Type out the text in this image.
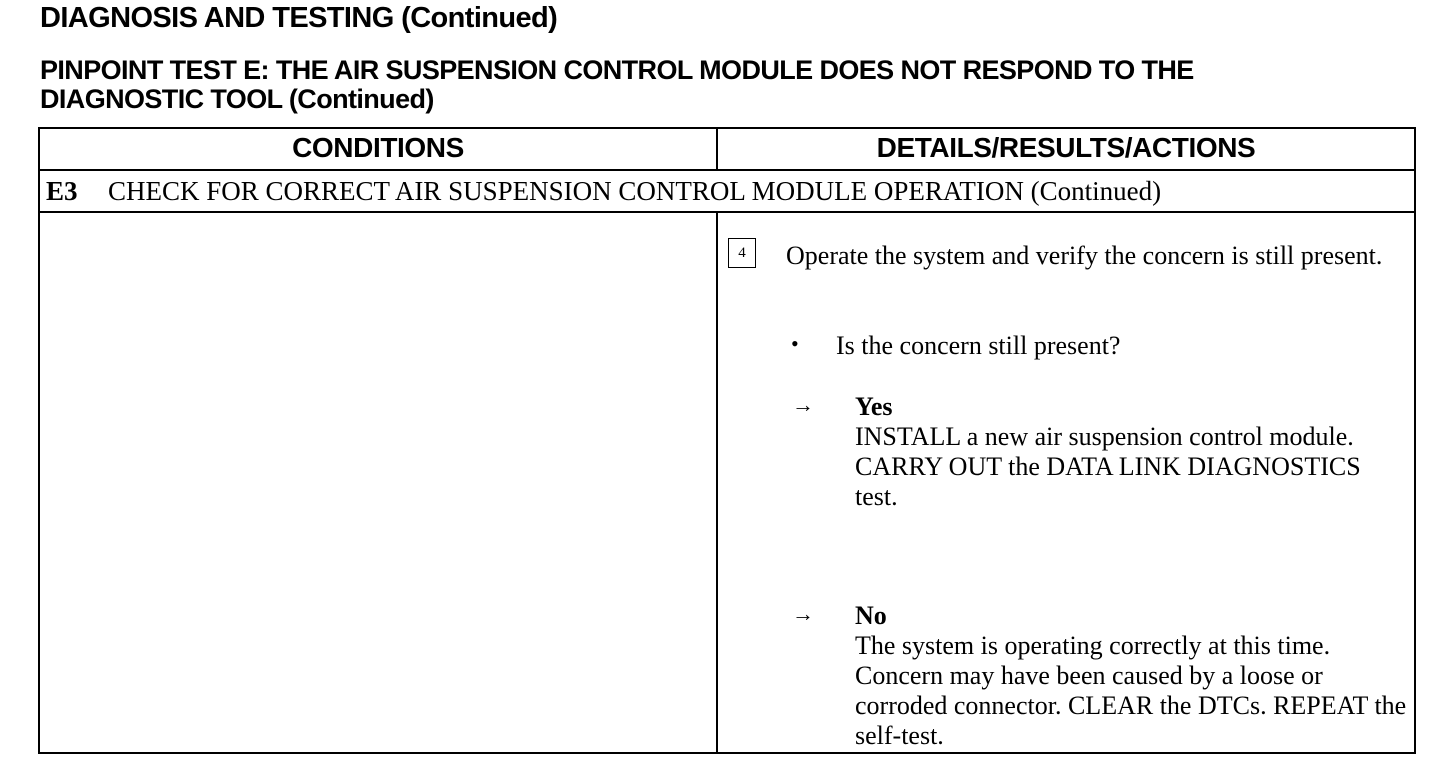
DIAGNOSIS AND TESTING (Continued)
PINPOINT TEST E: THE AIR SUSPENSION CONTROL MODULE DOES NOT RESPOND TO THE
DIAGNOSTIC TOOL (Continued)
CONDITIONS	DETAILS/RESULTS/ACTIONS
E3 CHECK FOR CORRECT AIR SUSPENSION CONTROL MODULE OPERATION (Continued)
4	Operate the system and verify the concern is still present.
• Is the concern still present?
→ Yes
INSTALL a new air suspension control module. CARRY OUT the DATA LINK DIAGNOSTICS test.
→ No
The system is operating correctly at this time. Concern may have been caused by a loose or corroded connector. CLEAR the DTCs. REPEAT the self-test.
